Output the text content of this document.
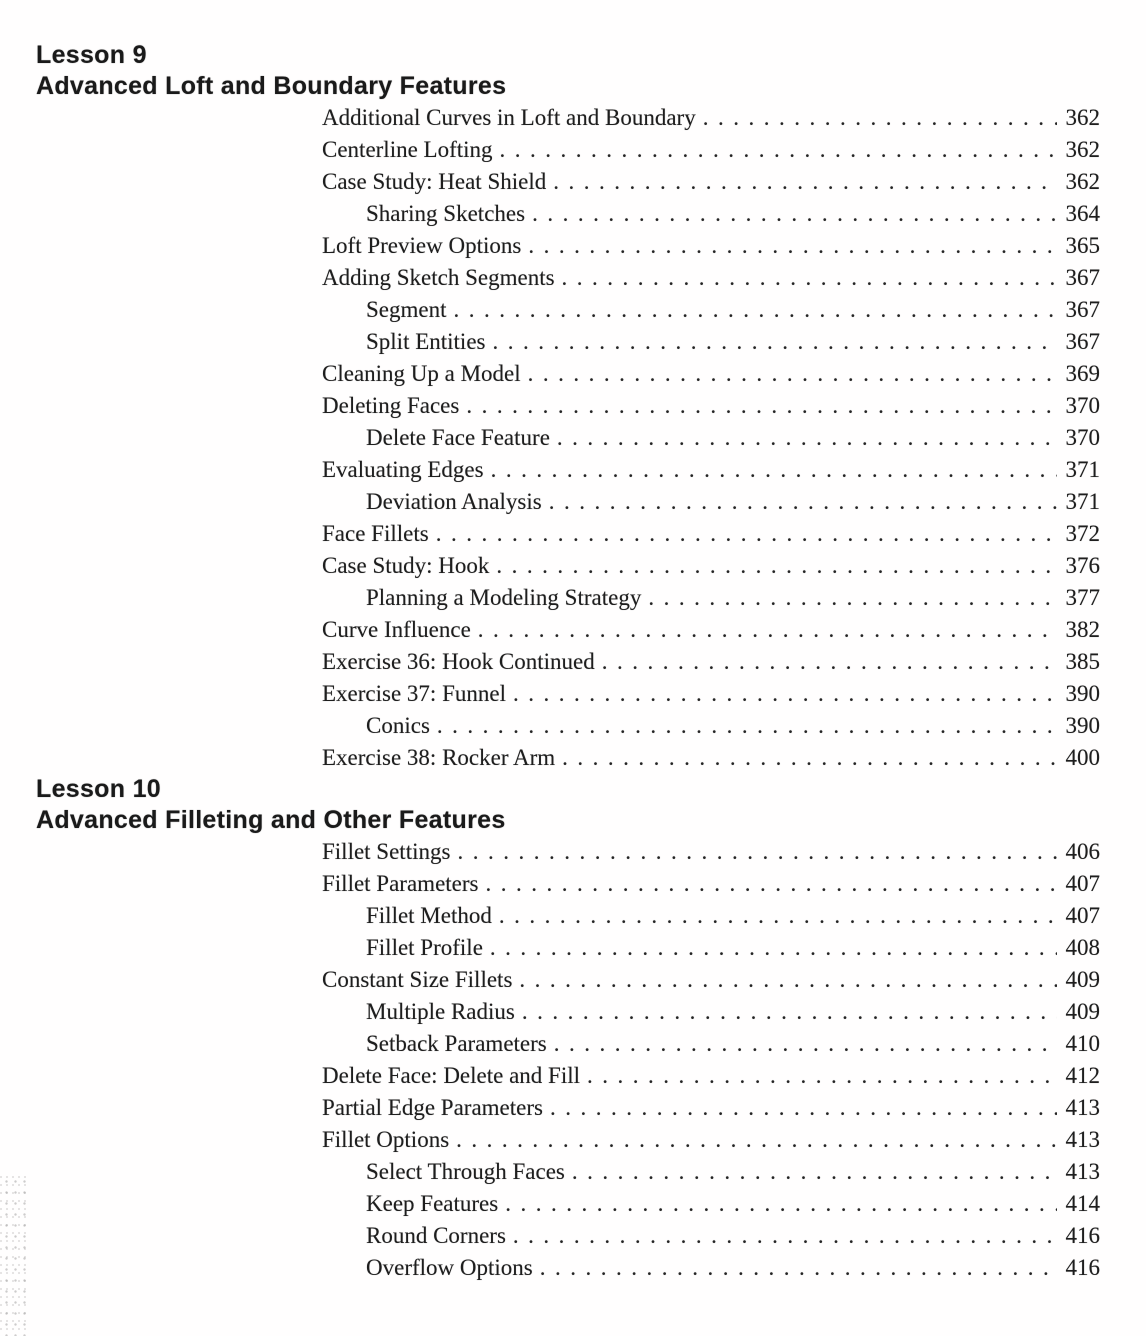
Lesson 9
Advanced Loft and Boundary Features
Additional Curves in Loft and Boundary .....	362
Centerline Lofting .....	362
Case Study: Heat Shield .....	362
Sharing Sketches .....	364
Loft Preview Options .....	365
Adding Sketch Segments .....	367
Segment .....	367
Split Entities .....	367
Cleaning Up a Model .....	369
Deleting Faces .....	370
Delete Face Feature .....	370
Evaluating Edges .....	371
Deviation Analysis .....	371
Face Fillets .....	372
Case Study: Hook .....	376
Planning a Modeling Strategy .....	377
Curve Influence .....	382
Exercise 36: Hook Continued .....	385
Exercise 37: Funnel .....	390
Conics .....	390
Exercise 38: Rocker Arm .....	400
Lesson 10
Advanced Filleting and Other Features
Fillet Settings .....	406
Fillet Parameters .....	407
Fillet Method .....	407
Fillet Profile .....	408
Constant Size Fillets .....	409
Multiple Radius .....	409
Setback Parameters .....	410
Delete Face: Delete and Fill .....	412
Partial Edge Parameters .....	413
Fillet Options .....	413
Select Through Faces .....	413
Keep Features .....	414
Round Corners .....	416
Overflow Options .....	416
